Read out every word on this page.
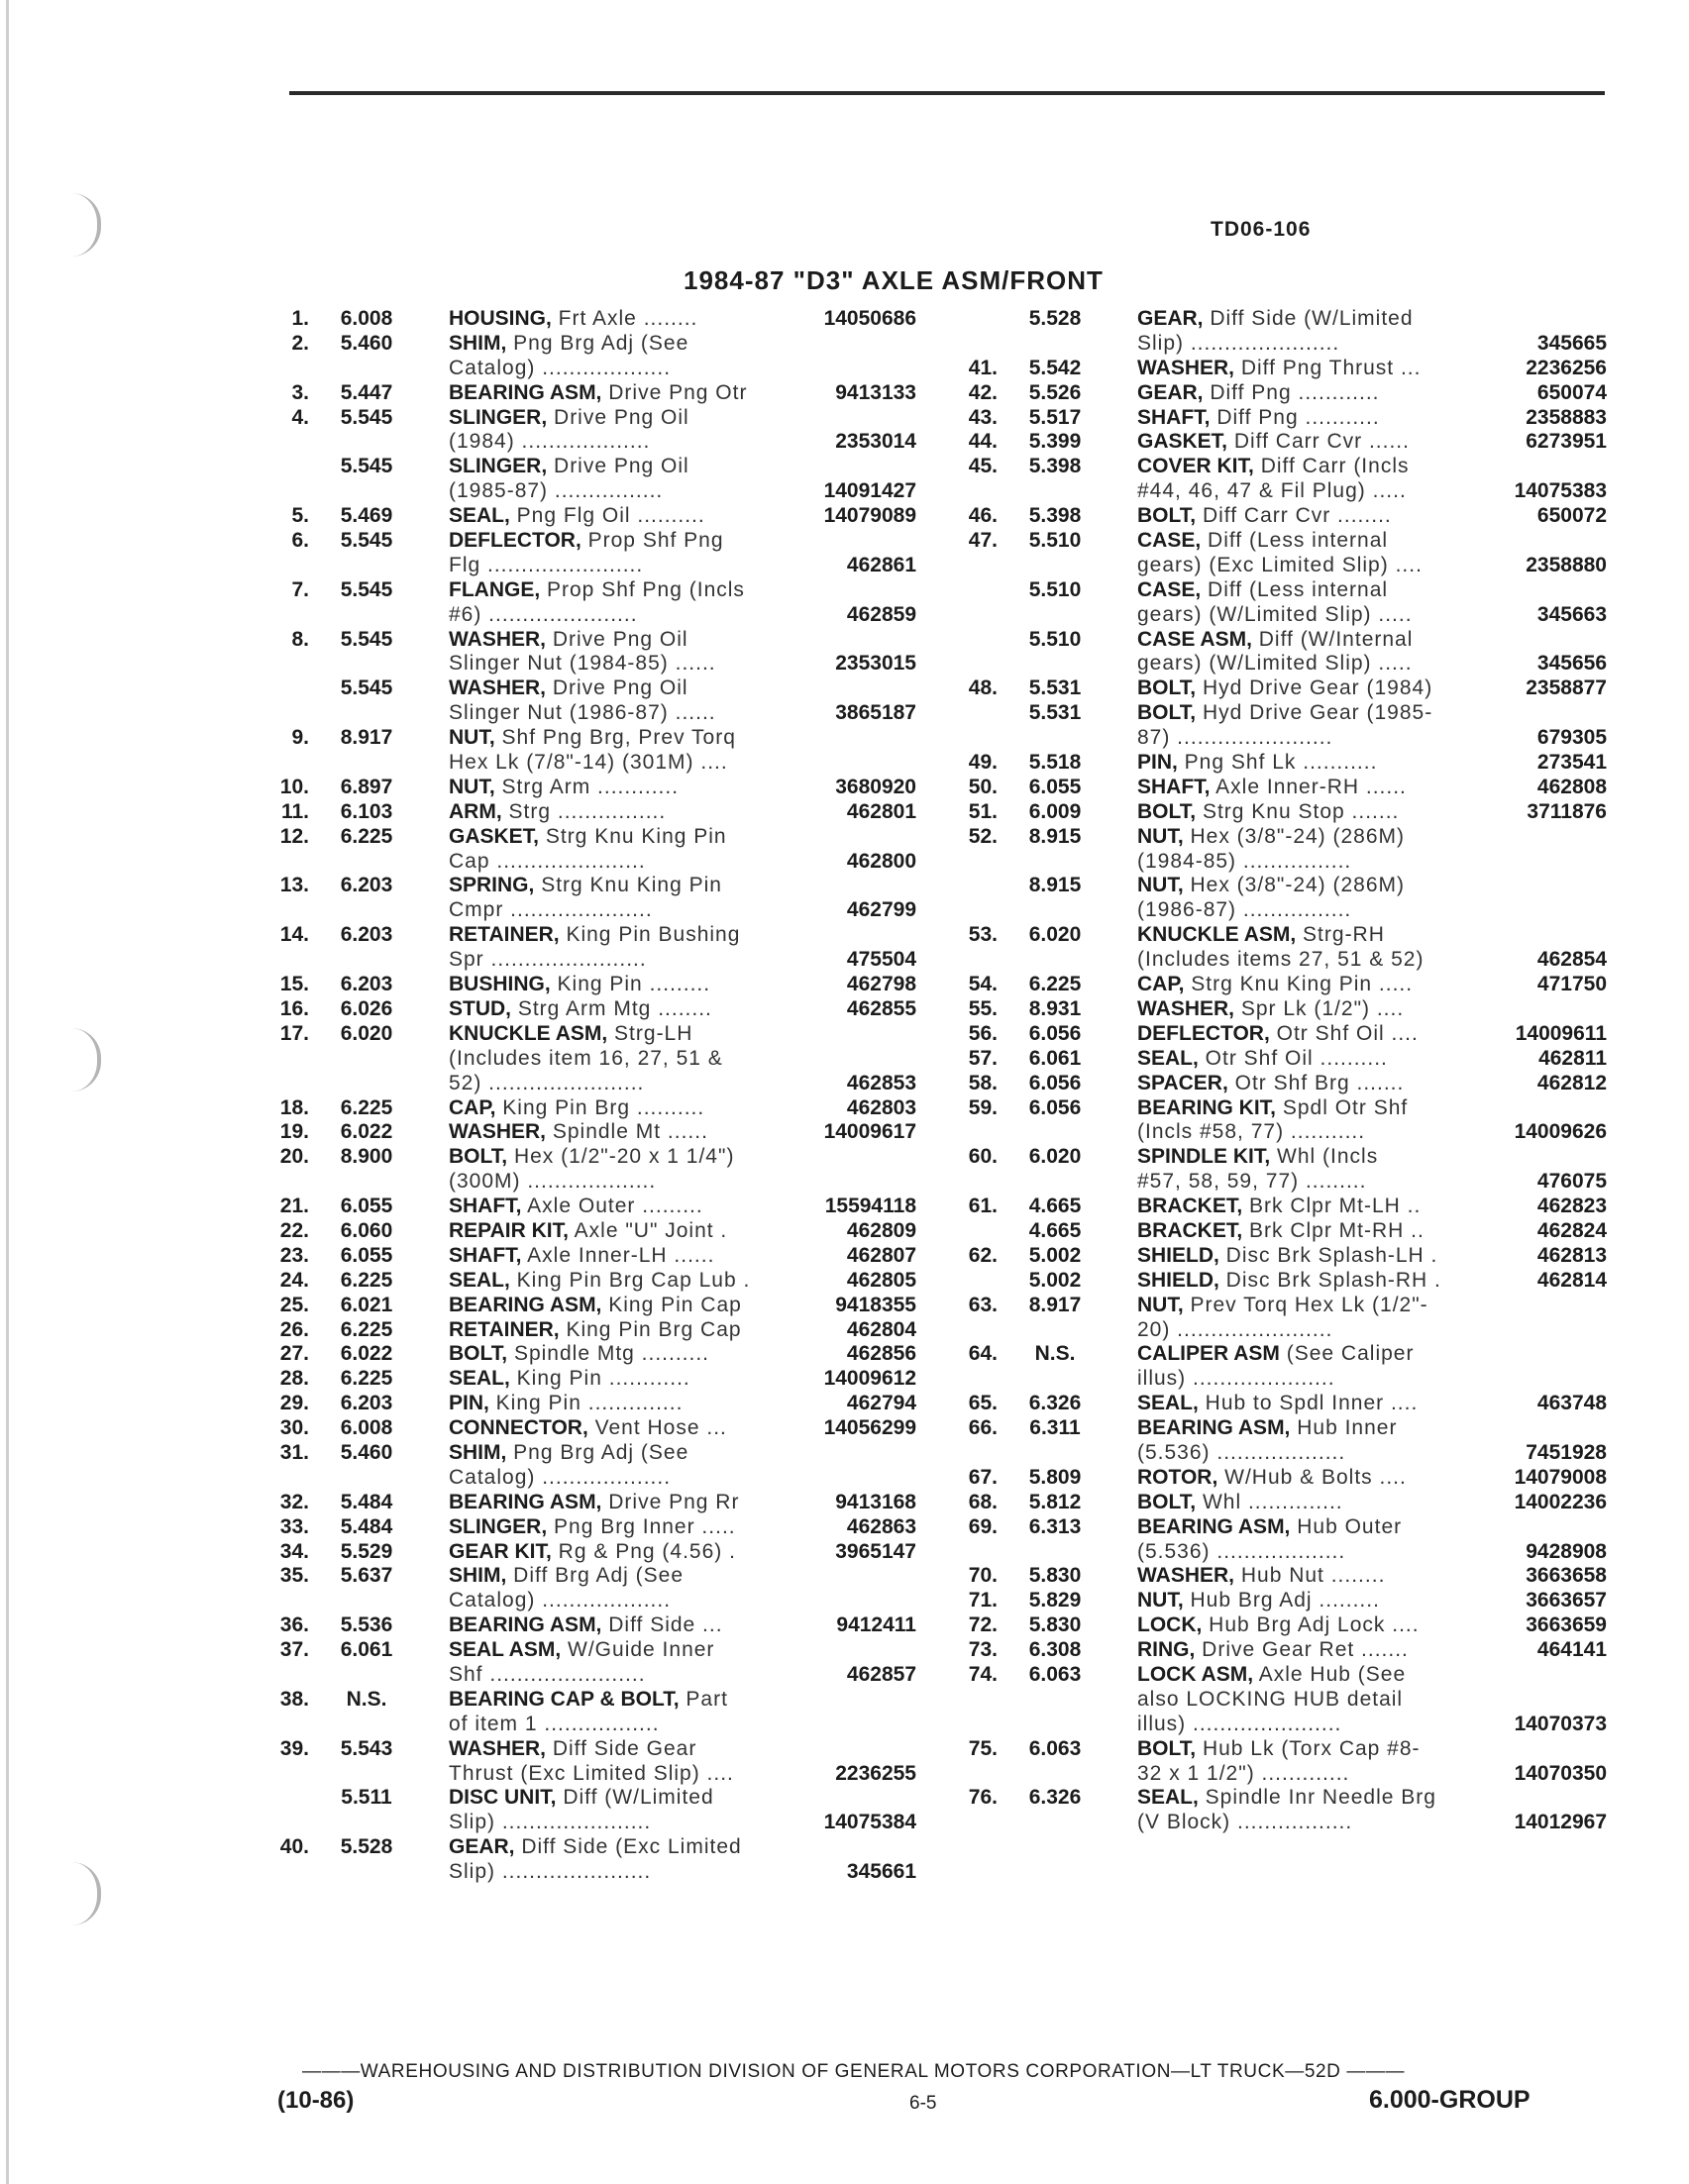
TD06-106
1984-87 "D3" AXLE ASM/FRONT
1.	6.008	HOUSING, Frt Axle ........	14050686
2.	5.460	SHIM, Png Brg Adj (See
Catalog) ...................
3.	5.447	BEARING ASM, Drive Png Otr	9413133
4.	5.545	SLINGER, Drive Png Oil
(1984) ...................	2353014
5.545	SLINGER, Drive Png Oil
(1985-87) ................	14091427
5.	5.469	SEAL, Png Flg Oil ..........	14079089
6.	5.545	DEFLECTOR, Prop Shf Png
Flg .......................	462861
7.	5.545	FLANGE, Prop Shf Png (Incls
#6) ......................	462859
8.	5.545	WASHER, Drive Png Oil
Slinger Nut (1984-85) ......	2353015
5.545	WASHER, Drive Png Oil
Slinger Nut (1986-87) ......	3865187
9.	8.917	NUT, Shf Png Brg, Prev Torq
Hex Lk (7/8"-14) (301M) ....
10.	6.897	NUT, Strg Arm ............	3680920
11.	6.103	ARM, Strg ................	462801
12.	6.225	GASKET, Strg Knu King Pin
Cap ......................	462800
13.	6.203	SPRING, Strg Knu King Pin
Cmpr .....................	462799
14.	6.203	RETAINER, King Pin Bushing
Spr .......................	475504
15.	6.203	BUSHING, King Pin .........	462798
16.	6.026	STUD, Strg Arm Mtg ........	462855
17.	6.020	KNUCKLE ASM, Strg-LH
(Includes item 16, 27, 51 &
52) .......................	462853
18.	6.225	CAP, King Pin Brg ..........	462803
19.	6.022	WASHER, Spindle Mt ......	14009617
20.	8.900	BOLT, Hex (1/2"-20 x 1 1/4")
(300M) ...................
21.	6.055	SHAFT, Axle Outer .........	15594118
22.	6.060	REPAIR KIT, Axle "U" Joint .	462809
23.	6.055	SHAFT, Axle Inner-LH ......	462807
24.	6.225	SEAL, King Pin Brg Cap Lub .	462805
25.	6.021	BEARING ASM, King Pin Cap	9418355
26.	6.225	RETAINER, King Pin Brg Cap	462804
27.	6.022	BOLT, Spindle Mtg ..........	462856
28.	6.225	SEAL, King Pin ............	14009612
29.	6.203	PIN, King Pin ..............	462794
30.	6.008	CONNECTOR, Vent Hose ...	14056299
31.	5.460	SHIM, Png Brg Adj (See
Catalog) ...................
32.	5.484	BEARING ASM, Drive Png Rr	9413168
33.	5.484	SLINGER, Png Brg Inner .....	462863
34.	5.529	GEAR KIT, Rg & Png (4.56) .	3965147
35.	5.637	SHIM, Diff Brg Adj (See
Catalog) ...................
36.	5.536	BEARING ASM, Diff Side ...	9412411
37.	6.061	SEAL ASM, W/Guide Inner
Shf .......................	462857
38.	N.S.	BEARING CAP & BOLT, Part
of item 1 .................
39.	5.543	WASHER, Diff Side Gear
Thrust (Exc Limited Slip) ....	2236255
5.511	DISC UNIT, Diff (W/Limited
Slip) ......................	14075384
40.	5.528	GEAR, Diff Side (Exc Limited
Slip) ......................	345661
5.528	GEAR, Diff Side (W/Limited
Slip) ......................	345665
41.	5.542	WASHER, Diff Png Thrust ...	2236256
42.	5.526	GEAR, Diff Png ............	650074
43.	5.517	SHAFT, Diff Png ...........	2358883
44.	5.399	GASKET, Diff Carr Cvr ......	6273951
45.	5.398	COVER KIT, Diff Carr (Incls
#44, 46, 47 & Fil Plug) .....	14075383
46.	5.398	BOLT, Diff Carr Cvr ........	650072
47.	5.510	CASE, Diff (Less internal
gears) (Exc Limited Slip) ....	2358880
5.510	CASE, Diff (Less internal
gears) (W/Limited Slip) .....	345663
5.510	CASE ASM, Diff (W/Internal
gears) (W/Limited Slip) .....	345656
48.	5.531	BOLT, Hyd Drive Gear (1984)	2358877
5.531	BOLT, Hyd Drive Gear (1985-
87) .......................	679305
49.	5.518	PIN, Png Shf Lk ...........	273541
50.	6.055	SHAFT, Axle Inner-RH ......	462808
51.	6.009	BOLT, Strg Knu Stop .......	3711876
52.	8.915	NUT, Hex (3/8"-24) (286M)
(1984-85) ................
8.915	NUT, Hex (3/8"-24) (286M)
(1986-87) ................
53.	6.020	KNUCKLE ASM, Strg-RH
(Includes items 27, 51 & 52)	462854
54.	6.225	CAP, Strg Knu King Pin .....	471750
55.	8.931	WASHER, Spr Lk (1/2") ....
56.	6.056	DEFLECTOR, Otr Shf Oil ....	14009611
57.	6.061	SEAL, Otr Shf Oil ..........	462811
58.	6.056	SPACER, Otr Shf Brg .......	462812
59.	6.056	BEARING KIT, Spdl Otr Shf
(Incls #58, 77) ...........	14009626
60.	6.020	SPINDLE KIT, Whl (Incls
#57, 58, 59, 77) .........	476075
61.	4.665	BRACKET, Brk Clpr Mt-LH ..	462823
4.665	BRACKET, Brk Clpr Mt-RH ..	462824
62.	5.002	SHIELD, Disc Brk Splash-LH .	462813
5.002	SHIELD, Disc Brk Splash-RH .	462814
63.	8.917	NUT, Prev Torq Hex Lk (1/2"-
20) .......................
64.	N.S.	CALIPER ASM (See Caliper
illus) .....................
65.	6.326	SEAL, Hub to Spdl Inner ....	463748
66.	6.311	BEARING ASM, Hub Inner
(5.536) ...................	7451928
67.	5.809	ROTOR, W/Hub & Bolts ....	14079008
68.	5.812	BOLT, Whl ..............	14002236
69.	6.313	BEARING ASM, Hub Outer
(5.536) ...................	9428908
70.	5.830	WASHER, Hub Nut ........	3663658
71.	5.829	NUT, Hub Brg Adj .........	3663657
72.	5.830	LOCK, Hub Brg Adj Lock ....	3663659
73.	6.308	RING, Drive Gear Ret .......	464141
74.	6.063	LOCK ASM, Axle Hub (See
also LOCKING HUB detail
illus) ......................	14070373
75.	6.063	BOLT, Hub Lk (Torx Cap #8-
32 x 1 1/2") .............	14070350
76.	6.326	SEAL, Spindle Inr Needle Brg
(V Block) .................	14012967
———WAREHOUSING AND DISTRIBUTION DIVISION OF GENERAL MOTORS CORPORATION—LT TRUCK—52D ———
(10-86)	6-5	6.000-GROUP
